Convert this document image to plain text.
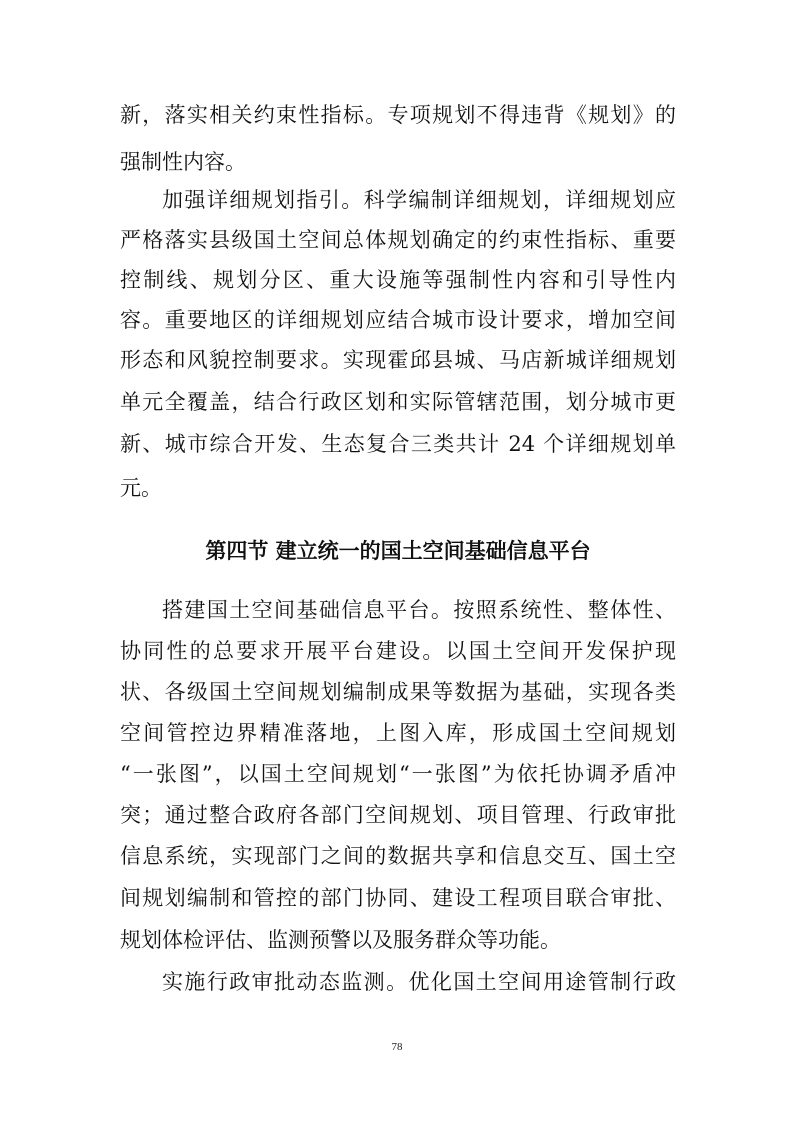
新，落实相关约束性指标。专项规划不得违背《规划》的
强制性内容。
加强详细规划指引。科学编制详细规划，详细规划应
严格落实县级国土空间总体规划确定的约束性指标、重要
控制线、规划分区、重大设施等强制性内容和引导性内
容。重要地区的详细规划应结合城市设计要求，增加空间
形态和风貌控制要求。实现霍邱县城、马店新城详细规划
单元全覆盖，结合行政区划和实际管辖范围，划分城市更
新、城市综合开发、生态复合三类共计 24 个详细规划单
元。
第四节 建立统一的国土空间基础信息平台
搭建国土空间基础信息平台。按照系统性、整体性、
协同性的总要求开展平台建设。以国土空间开发保护现
状、各级国土空间规划编制成果等数据为基础，实现各类
空间管控边界精准落地，上图入库，形成国土空间规划
“一张图”，以国土空间规划“一张图”为依托协调矛盾冲
突；通过整合政府各部门空间规划、项目管理、行政审批
信息系统，实现部门之间的数据共享和信息交互、国土空
间规划编制和管控的部门协同、建设工程项目联合审批、
规划体检评估、监测预警以及服务群众等功能。
实施行政审批动态监测。优化国土空间用途管制行政
78
